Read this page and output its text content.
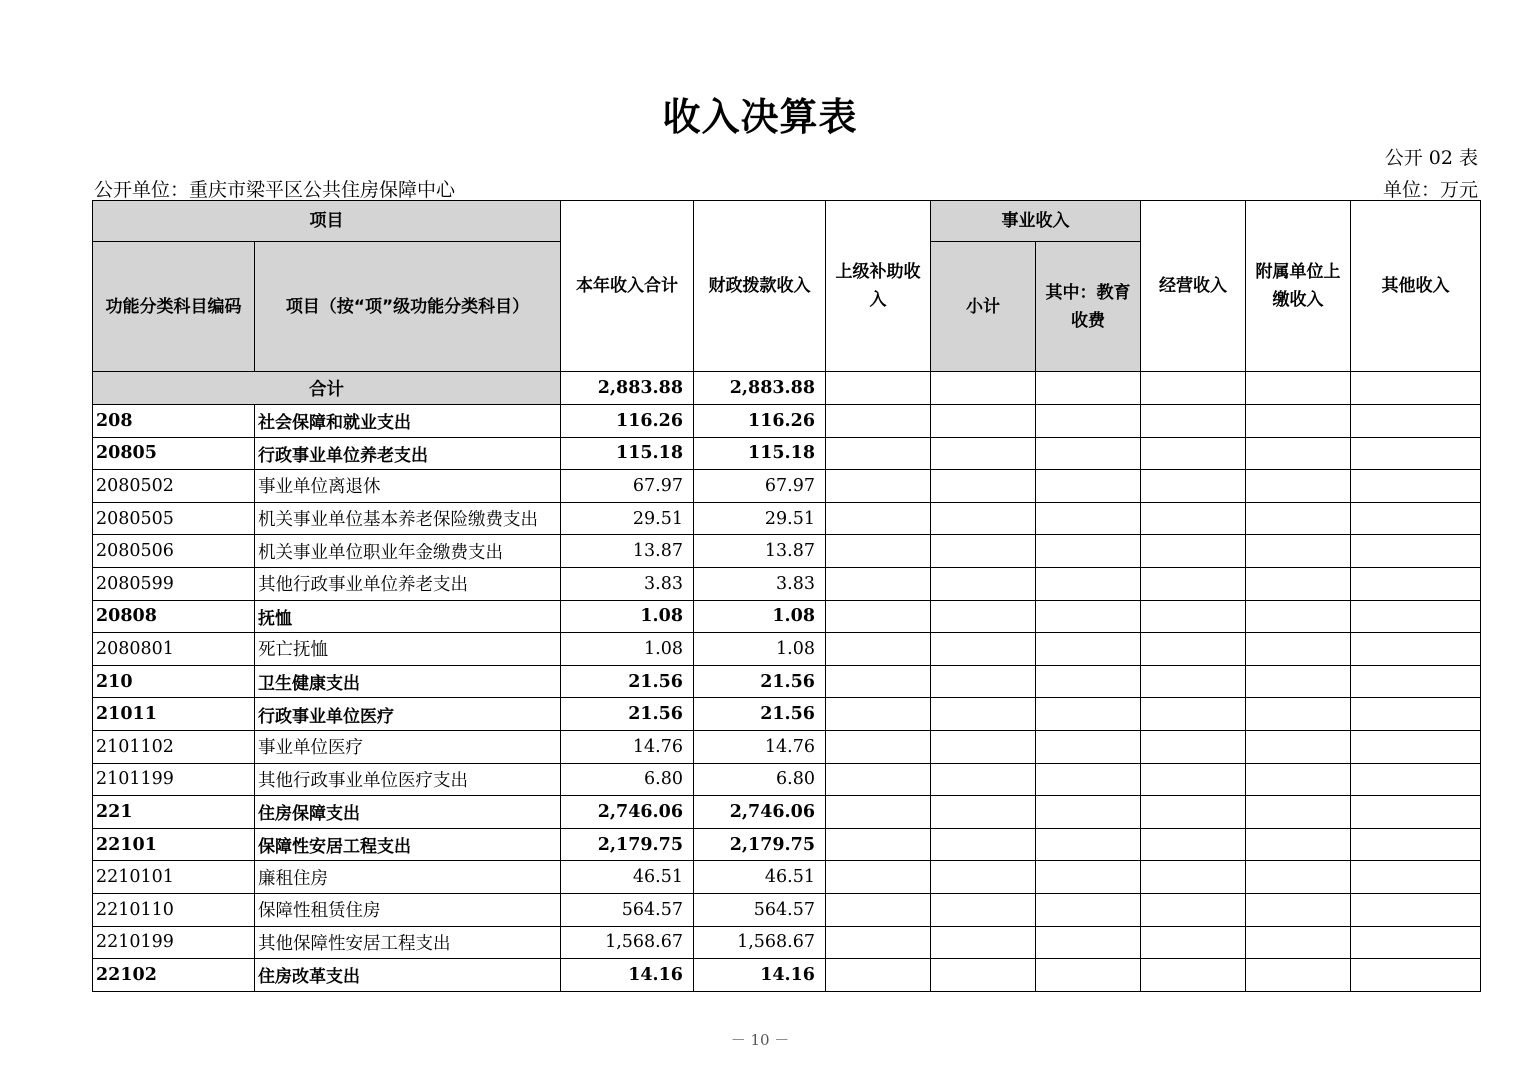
收入决算表
公开 02 表
公开单位：重庆市梁平区公共住房保障中心	单位：万元
项目		本年收入合计	财政拨款收入	上级补助收入	事业收入		经营收入	附属单位上缴收入	其他收入
功能分类科目编码	项目（按“项”级功能分类科目）				小计	其中：教育收费			
合计		2,883.88	2,883.88						
208	社会保障和就业支出	116.26	116.26						
20805	行政事业单位养老支出	115.18	115.18						
2080502	事业单位离退休	67.97	67.97						
2080505	机关事业单位基本养老保险缴费支出	29.51	29.51						
2080506	机关事业单位职业年金缴费支出	13.87	13.87						
2080599	其他行政事业单位养老支出	3.83	3.83						
20808	抚恤	1.08	1.08						
2080801	死亡抚恤	1.08	1.08						
210	卫生健康支出	21.56	21.56						
21011	行政事业单位医疗	21.56	21.56						
2101102	事业单位医疗	14.76	14.76						
2101199	其他行政事业单位医疗支出	6.80	6.80						
221	住房保障支出	2,746.06	2,746.06						
22101	保障性安居工程支出	2,179.75	2,179.75						
2210101	廉租住房	46.51	46.51						
2210110	保障性租赁住房	564.57	564.57						
2210199	其他保障性安居工程支出	1,568.67	1,568.67						
22102	住房改革支出	14.16	14.16						
－ 10 －
